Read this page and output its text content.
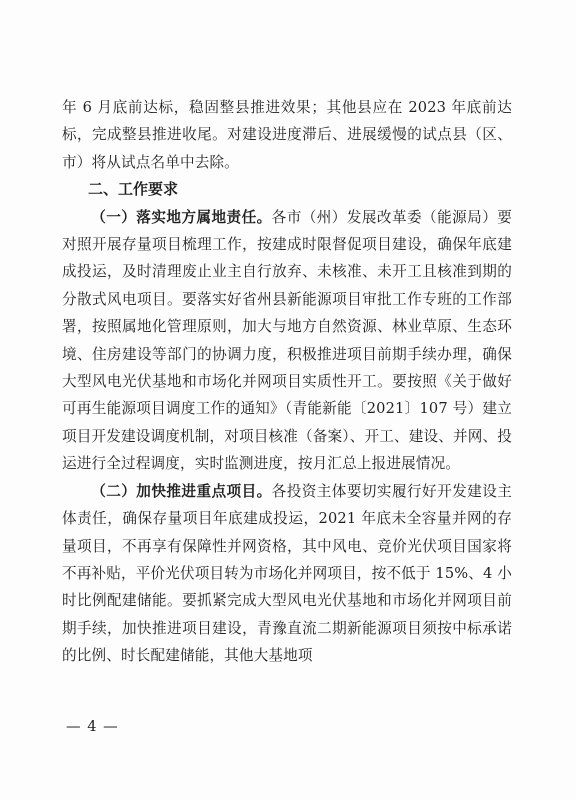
年 6 月底前达标，稳固整县推进效果；其他县应在 2023 年底前达标，完成整县推进收尾。对建设进度滞后、进展缓慢的试点县（区、市）将从试点名单中去除。

二、工作要求

（一）落实地方属地责任。各市（州）发展改革委（能源局）要对照开展存量项目梳理工作，按建成时限督促项目建设，确保年底建成投运，及时清理废止业主自行放弃、未核准、未开工且核准到期的分散式风电项目。要落实好省州县新能源项目审批工作专班的工作部署，按照属地化管理原则，加大与地方自然资源、林业草原、生态环境、住房建设等部门的协调力度，积极推进项目前期手续办理，确保大型风电光伏基地和市场化并网项目实质性开工。要按照《关于做好可再生能源项目调度工作的通知》（青能新能〔2021〕107 号）建立项目开发建设调度机制，对项目核准（备案）、开工、建设、并网、投运进行全过程调度，实时监测进度，按月汇总上报进展情况。

（二）加快推进重点项目。各投资主体要切实履行好开发建设主体责任，确保存量项目年底建成投运，2021 年底未全容量并网的存量项目，不再享有保障性并网资格，其中风电、竞价光伏项目国家将不再补贴，平价光伏项目转为市场化并网项目，按不低于 15%、4 小时比例配建储能。要抓紧完成大型风电光伏基地和市场化并网项目前期手续，加快推进项目建设，青豫直流二期新能源项目须按中标承诺的比例、时长配建储能，其他大基地项

— 4 —
